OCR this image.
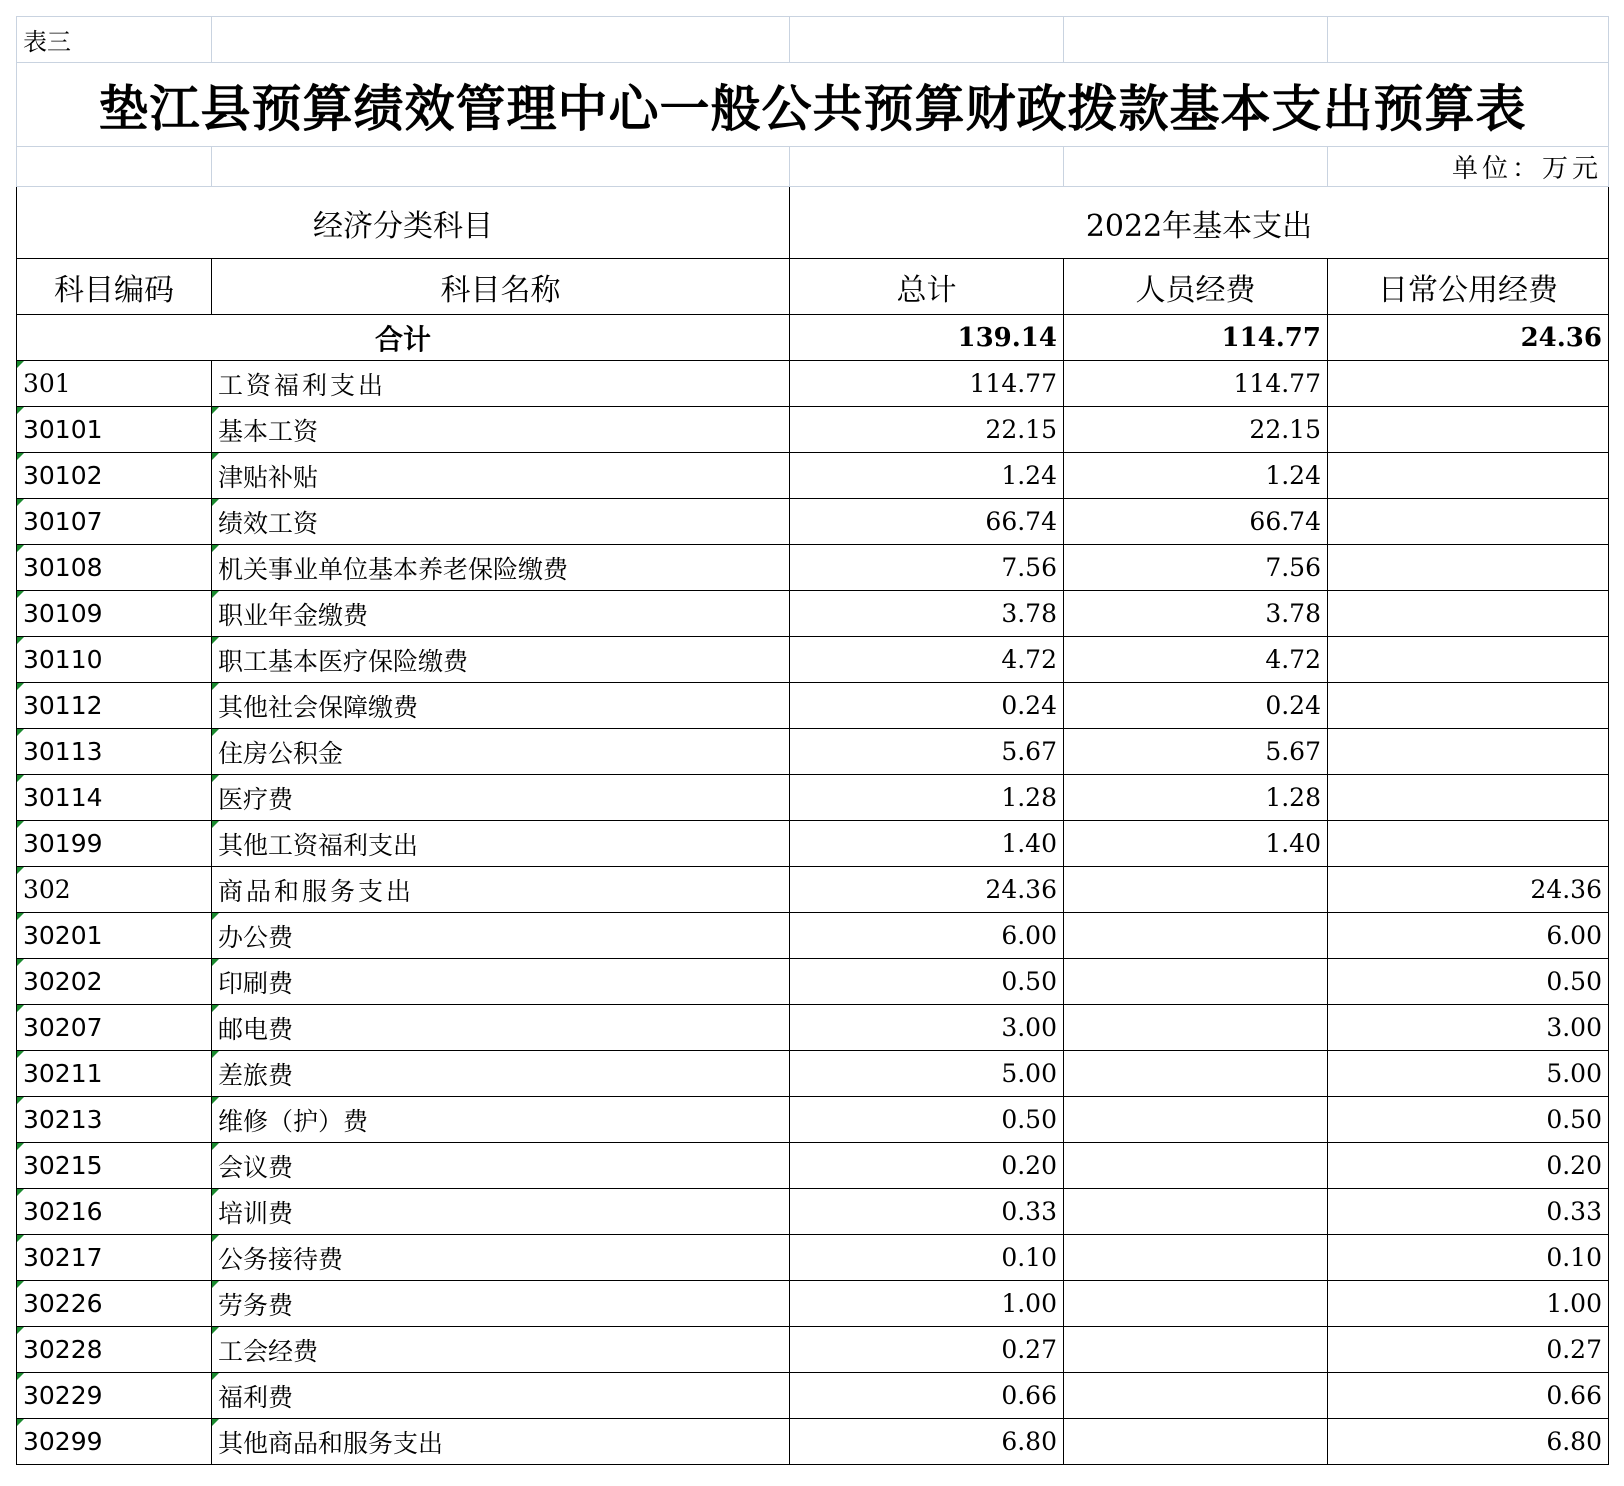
表三				
垫江县预算绩效管理中心一般公共预算财政拨款基本支出预算表				
				单位：万元
经济分类科目		2022年基本支出		
科目编码	科目名称	总计	人员经费	日常公用经费
合计		139.14	114.77	24.36
301	工资福利支出	114.77	114.77	
30101	基本工资	22.15	22.15	
30102	津贴补贴	1.24	1.24	
30107	绩效工资	66.74	66.74	
30108	机关事业单位基本养老保险缴费	7.56	7.56	
30109	职业年金缴费	3.78	3.78	
30110	职工基本医疗保险缴费	4.72	4.72	
30112	其他社会保障缴费	0.24	0.24	
30113	住房公积金	5.67	5.67	
30114	医疗费	1.28	1.28	
30199	其他工资福利支出	1.40	1.40	
302	商品和服务支出	24.36		24.36
30201	办公费	6.00		6.00
30202	印刷费	0.50		0.50
30207	邮电费	3.00		3.00
30211	差旅费	5.00		5.00
30213	维修（护）费	0.50		0.50
30215	会议费	0.20		0.20
30216	培训费	0.33		0.33
30217	公务接待费	0.10		0.10
30226	劳务费	1.00		1.00
30228	工会经费	0.27		0.27
30229	福利费	0.66		0.66
30299	其他商品和服务支出	6.80		6.80
